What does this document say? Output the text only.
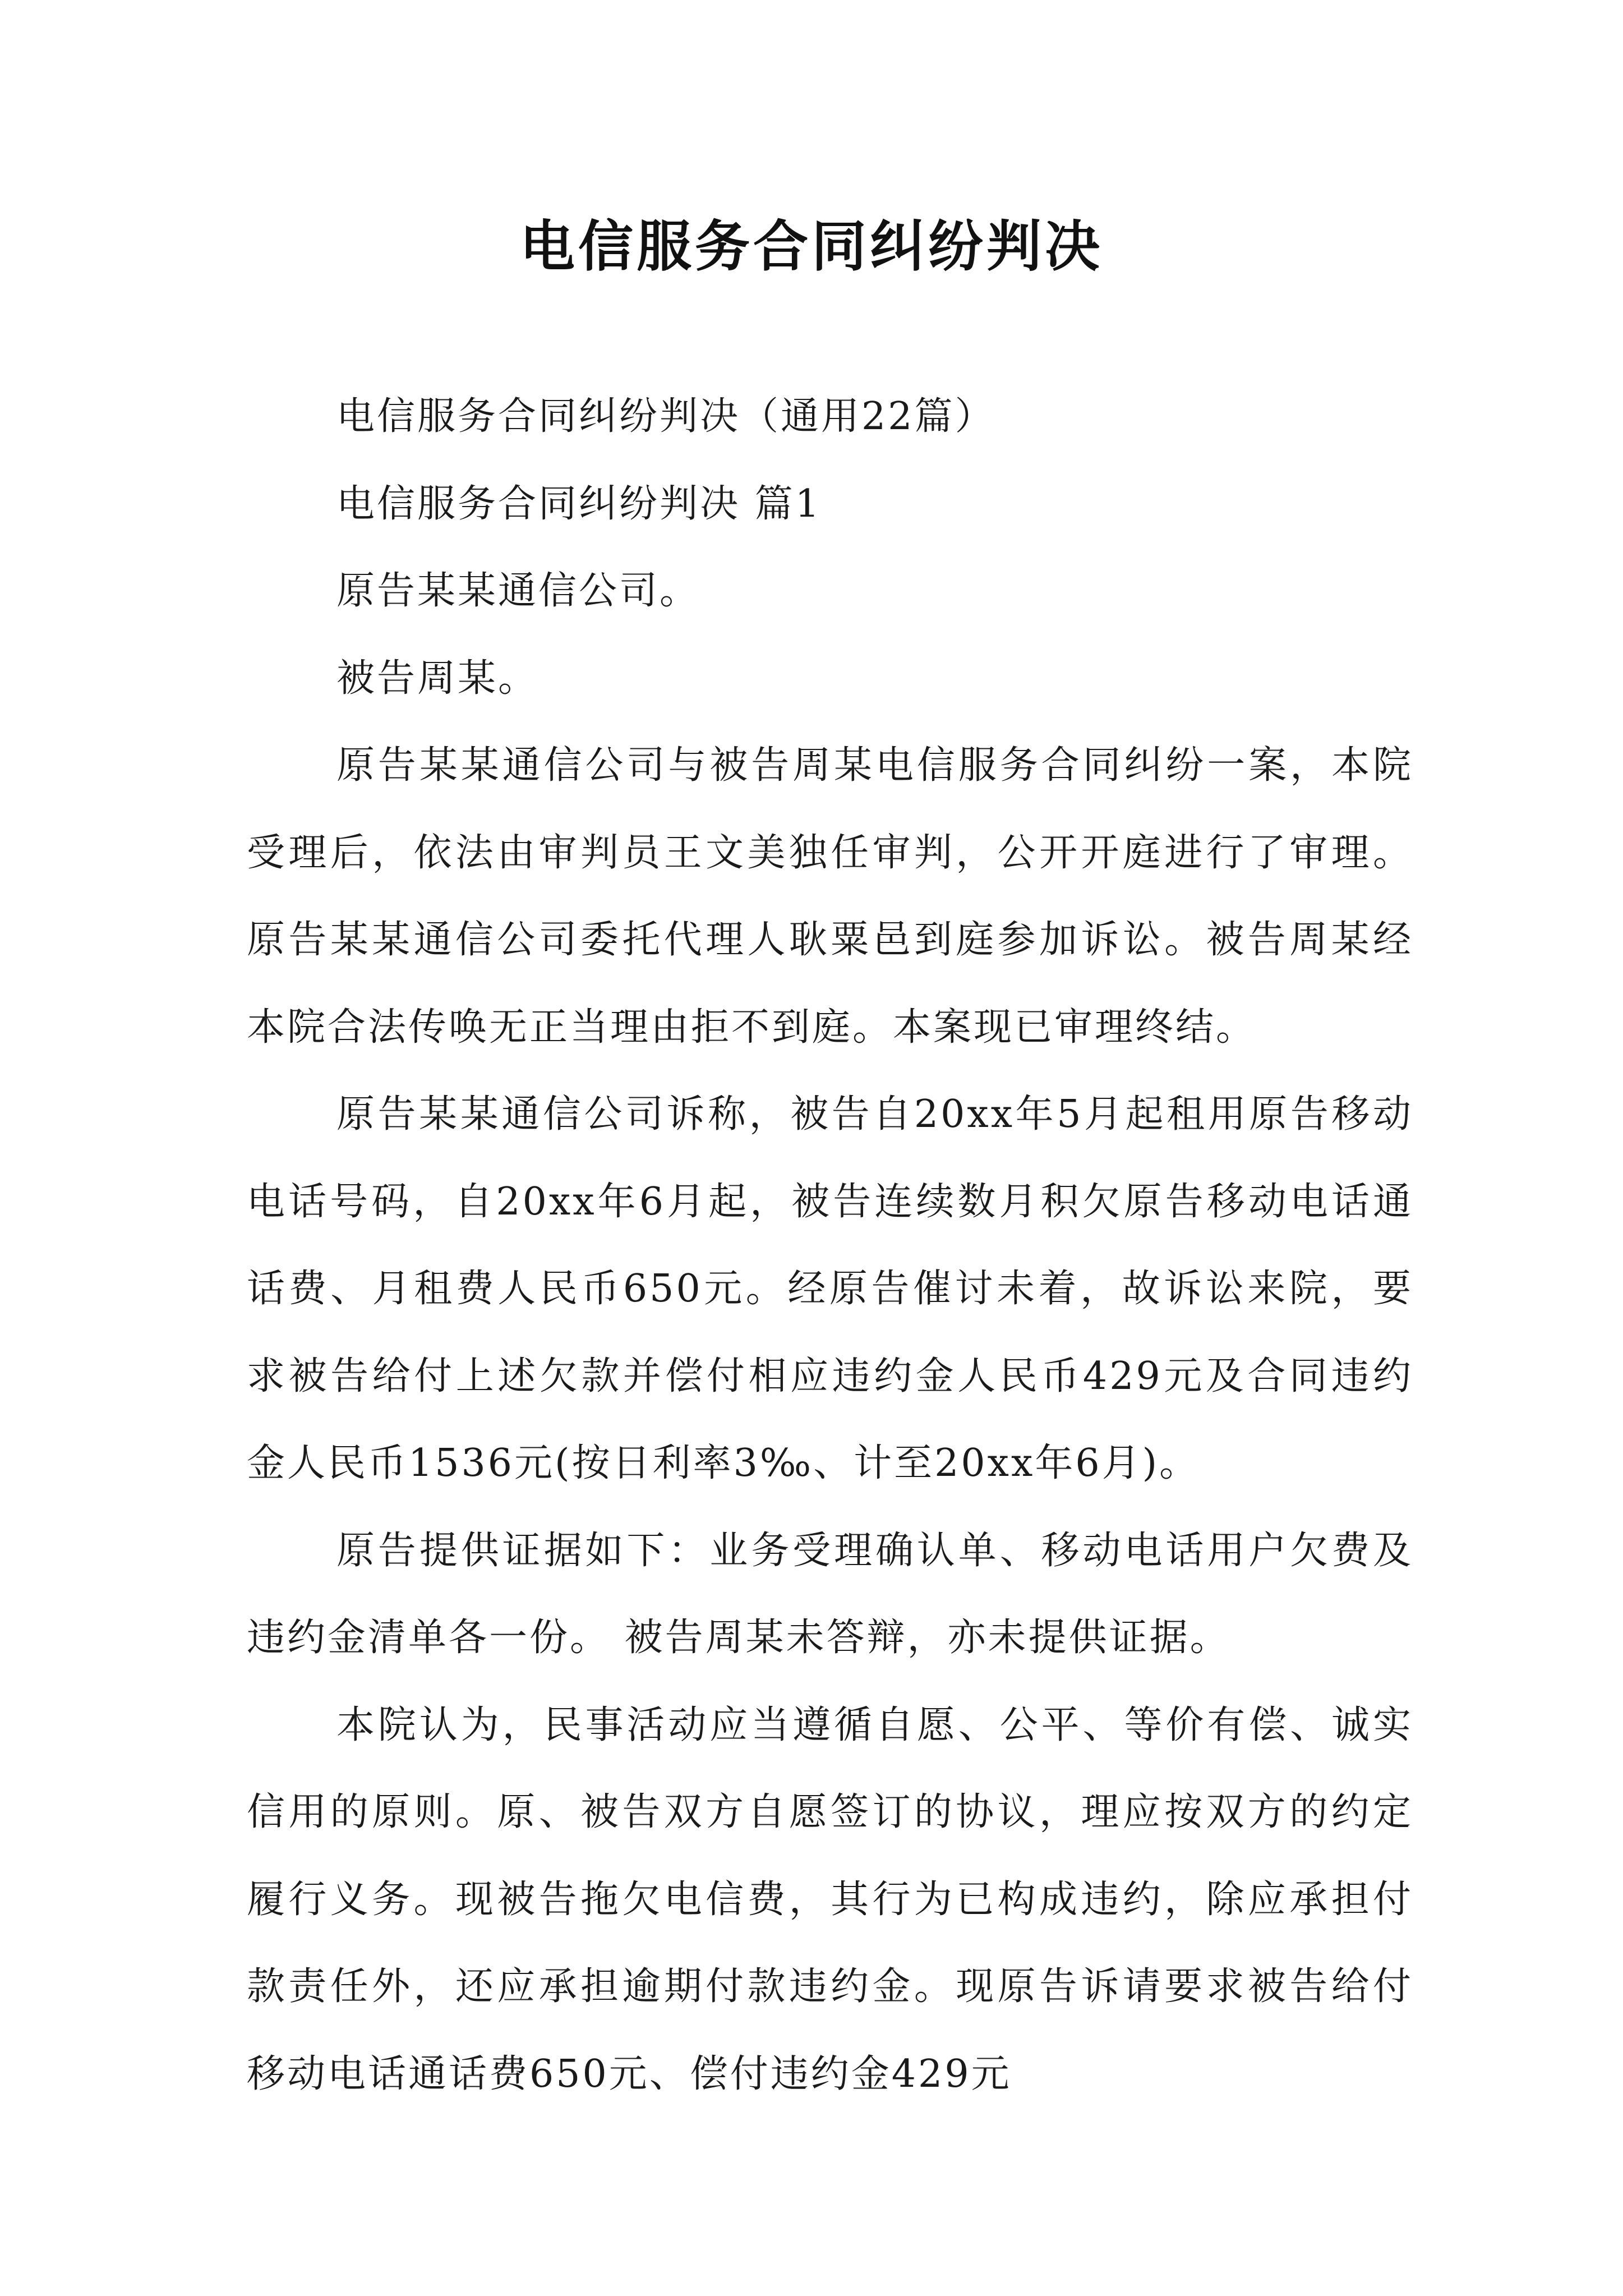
电信服务合同纠纷判决

电信服务合同纠纷判决（通用22篇）

电信服务合同纠纷判决 篇1

原告某某通信公司。

被告周某。

原告某某通信公司与被告周某电信服务合同纠纷一案，本院受理后，依法由审判员王文美独任审判，公开开庭进行了审理。原告某某通信公司委托代理人耿粟邑到庭参加诉讼。被告周某经本院合法传唤无正当理由拒不到庭。本案现已审理终结。

原告某某通信公司诉称，被告自20xx年5月起租用原告移动电话号码，自20xx年6月起，被告连续数月积欠原告移动电话通话费、月租费人民币650元。经原告催讨未着，故诉讼来院，要求被告给付上述欠款并偿付相应违约金人民币429元及合同违约金人民币1536元(按日利率3‰、计至20xx年6月)。

原告提供证据如下：业务受理确认单、移动电话用户欠费及违约金清单各一份。 被告周某未答辩，亦未提供证据。

本院认为，民事活动应当遵循自愿、公平、等价有偿、诚实信用的原则。原、被告双方自愿签订的协议，理应按双方的约定履行义务。现被告拖欠电信费，其行为已构成违约，除应承担付款责任外，还应承担逾期付款违约金。现原告诉请要求被告给付移动电话通话费650元、偿付违约金429元
